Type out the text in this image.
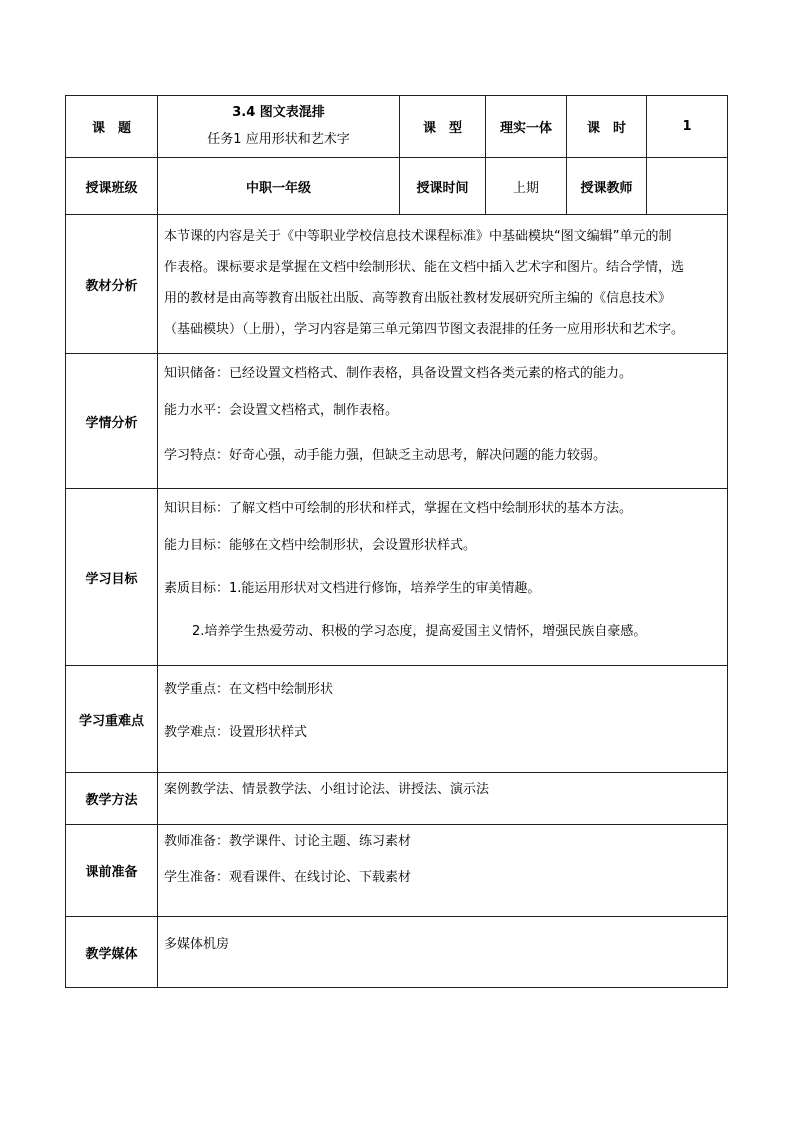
课　题	3.4 图文表混排
任务1 应用形状和艺术字	课　型	理实一体	课　时	1
授课班级	中职一年级	授课时间	上期	授课教师	
教材分析	本节课的内容是关于《中等职业学校信息技术课程标准》中基础模块“图文编辑”单元的制

作表格。课标要求是掌握在文档中绘制形状、能在文档中插入艺术字和图片。结合学情，选

用的教材是由高等教育出版社出版、高等教育出版社教材发展研究所主编的《信息技术》

（基础模块）（上册），学习内容是第三单元第四节图文表混排的任务一应用形状和艺术字。				

学情分析	知识储备：已经设置文档格式、制作表格，具备设置文档各类元素的格式的能力。

能力水平：会设置文档格式，制作表格。

学习特点：好奇心强，动手能力强，但缺乏主动思考，解决问题的能力较弱。				

学习目标	知识目标：了解文档中可绘制的形状和样式，掌握在文档中绘制形状的基本方法。

能力目标：能够在文档中绘制形状，会设置形状样式。

素质目标：1.能运用形状对文档进行修饰，培养学生的审美情趣。

2.培养学生热爱劳动、积极的学习态度，提高爱国主义情怀，增强民族自豪感。				

学习重难点	教学重点：在文档中绘制形状

教学难点：设置形状样式				

教学方法	案例教学法、情景教学法、小组讨论法、讲授法、演示法				

课前准备	教师准备：教学课件、讨论主题、练习素材

学生准备：观看课件、在线讨论、下载素材				

教学媒体	多媒体机房				
